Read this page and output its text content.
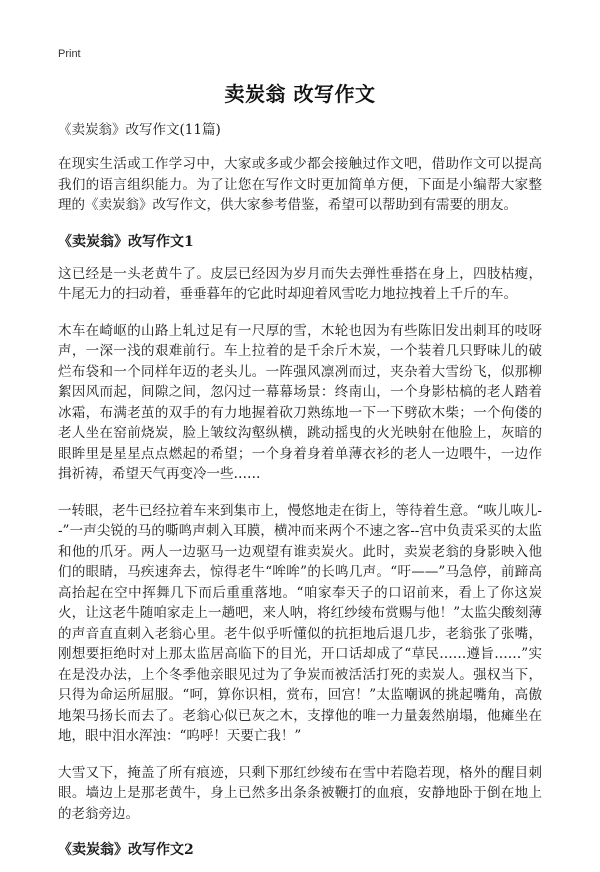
Print
卖炭翁 改写作文
《卖炭翁》改写作文(11篇)

在现实生活或工作学习中，大家或多或少都会接触过作文吧，借助作文可以提高我们的语言组织能力。为了让您在写作文时更加简单方便，下面是小编帮大家整理的《卖炭翁》改写作文，供大家参考借鉴，希望可以帮助到有需要的朋友。

《卖炭翁》改写作文1

这已经是一头老黄牛了。皮层已经因为岁月而失去弹性垂搭在身上，四肢枯瘦，牛尾无力的扫动着，垂垂暮年的它此时却迎着风雪吃力地拉拽着上千斤的车。

木车在崎岖的山路上轧过足有一尺厚的雪，木轮也因为有些陈旧发出刺耳的吱呀声，一深一浅的艰难前行。车上拉着的是千余斤木炭，一个装着几只野味儿的破烂布袋和一个同样年迈的老头儿。一阵强风凛冽而过，夹杂着大雪纷飞，似那柳絮因风而起，间隙之间，忽闪过一幕幕场景：终南山，一个身影枯槁的老人踏着冰霜，布满老茧的双手的有力地握着砍刀熟练地一下一下劈砍木柴；一个佝偻的老人坐在窑前烧炭，脸上皱纹沟壑纵横，跳动摇曳的火光映射在他脸上，灰暗的 眼眸里是星星点点燃起的希望；一个身着身着单薄衣衫的老人一边喂牛，一边作揖祈祷，希望天气再变冷一些……

一转眼，老牛已经拉着车来到集市上，慢悠地走在街上，等待着生意。“咴儿咴儿--”一声尖锐的马的嘶鸣声刺入耳膜，横冲而来两个不速之客--宫中负责采买的太监和他的爪牙。两人一边驱马一边观望有谁卖炭火。此时，卖炭老翁的身影映入他们的眼睛，马疾速奔去，惊得老牛“哞哞”的长鸣几声。“吁——”马急停，前蹄高高抬起在空中挥舞几下而后重重落地。“咱家奉天子的口诏前来，看上了你这炭火，让这老牛随咱家走上一趟吧，来人呐，将红纱绫布赏赐与他！”太监尖酸刻薄的声音直直刺入老翁心里。老牛似乎听懂似的抗拒地后退几步，老翁张了张嘴，刚想要拒绝时对上那太监居高临下的目光，开口话却成了“草民……遵旨……”实在是没办法，上个冬季他亲眼见过为了争炭而被活活打死的卖炭人。强权当下，只得为命运所屈服。“呵，算你识相，赏布，回宫！”太监嘲讽的挑起嘴角，高傲地架马扬长而去了。老翁心似已灰之木，支撑他的唯一力量轰然崩塌，他瘫坐在地，眼中泪水浑浊：“呜呼！天要亡我！”

大雪又下，掩盖了所有痕迹，只剩下那红纱绫布在雪中若隐若现，格外的醒目刺眼。墙边上是那老黄牛，身上已然多出条条被鞭打的血痕，安静地卧于倒在地上的老翁旁边。

《卖炭翁》改写作文2
